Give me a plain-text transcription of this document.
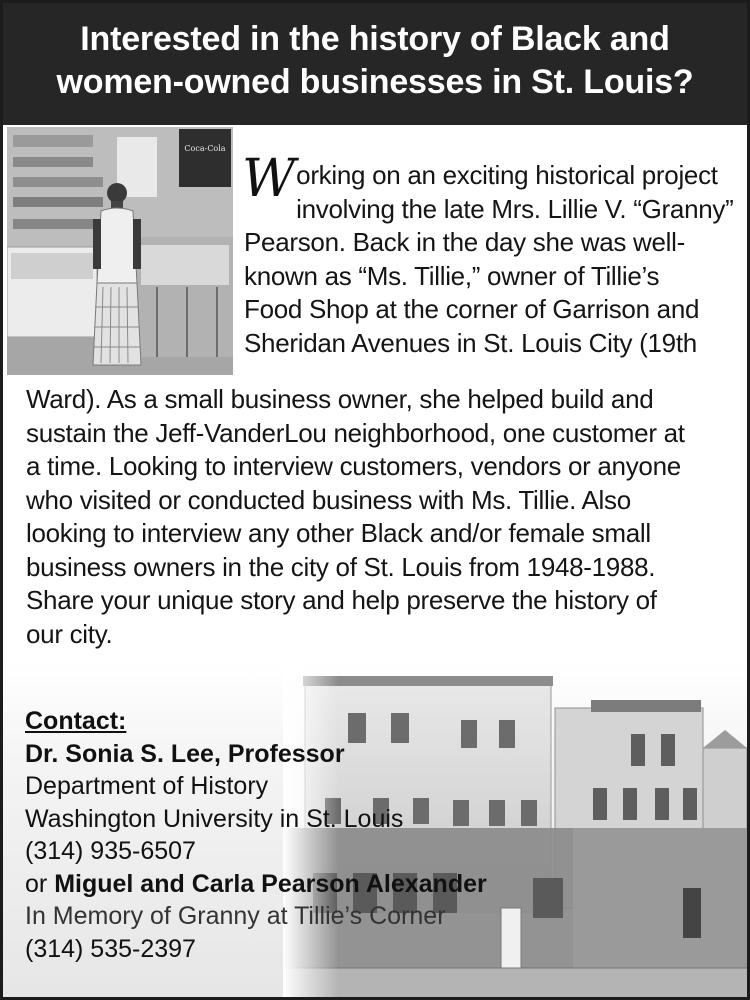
Interested in the history of Black and
women-owned businesses in St. Louis?
Coca-Cola
W orking on an exciting historical project
involving the late Mrs. Lillie V. “Granny”
Pearson. Back in the day she was well-
known as “Ms. Tillie,” owner of Tillie’s
Food Shop at the corner of Garrison and
Sheridan Avenues in St. Louis City (19th
Ward). As a small business owner, she helped build and
sustain the Jeff-VanderLou neighborhood, one customer at
a time. Looking to interview customers, vendors or anyone
who visited or conducted business with Ms. Tillie. Also
looking to interview any other Black and/or female small
business owners in the city of St. Louis from 1948-1988.
Share your unique story and help preserve the history of
our city.
Contact:
Dr. Sonia S. Lee, Professor
Department of History
Washington University in St. Louis
(314) 935-6507
or Miguel and Carla Pearson Alexander
In Memory of Granny at Tillie’s Corner
(314) 535-2397
